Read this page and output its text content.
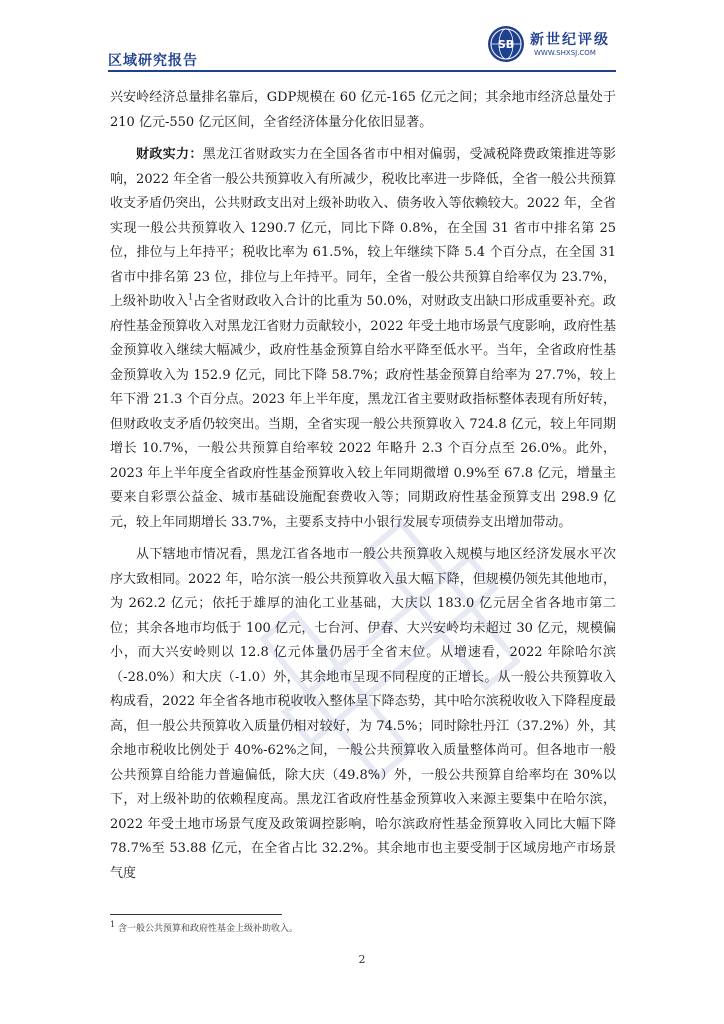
区域研究报告
SB 新世纪评级
WWW.SHXSJ.COM

兴安岭经济总量排名靠后，GDP规模在 60 亿元-165 亿元之间；其余地市经济总量处于 210 亿元-550 亿元区间，全省经济体量分化依旧显著。

财政实力：黑龙江省财政实力在全国各省市中相对偏弱，受减税降费政策推进等影响，2022 年全省一般公共预算收入有所减少，税收比率进一步降低，全省一般公共预算收支矛盾仍突出，公共财政支出对上级补助收入、债务收入等依赖较大。2022 年，全省实现一般公共预算收入 1290.7 亿元，同比下降 0.8%，在全国 31 省市中排名第 25 位，排位与上年持平；税收比率为 61.5%，较上年继续下降 5.4 个百分点，在全国 31 省市中排名第 23 位，排位与上年持平。同年，全省一般公共预算自给率仅为 23.7%，上级补助收入$^1$占全省财政收入合计的比重为 50.0%，对财政支出缺口形成重要补充。政府性基金预算收入对黑龙江省财力贡献较小，2022 年受土地市场景气度影响，政府性基金预算收入继续大幅减少，政府性基金预算自给水平降至低水平。当年，全省政府性基金预算收入为 152.9 亿元，同比下降 58.7%；政府性基金预算自给率为 27.7%，较上年下滑 21.3 个百分点。2023 年上半年度，黑龙江省主要财政指标整体表现有所好转，但财政收支矛盾仍较突出。当期，全省实现一般公共预算收入 724.8 亿元，较上年同期增长 10.7%，一般公共预算自给率较 2022 年略升 2.3 个百分点至 26.0%。此外，2023 年上半年度全省政府性基金预算收入较上年同期微增 0.9%至 67.8 亿元，增量主要来自彩票公益金、城市基础设施配套费收入等；同期政府性基金预算支出 298.9 亿元，较上年同期增长 33.7%，主要系支持中小银行发展专项债券支出增加带动。

从下辖地市情况看，黑龙江省各地市一般公共预算收入规模与地区经济发展水平次序大致相同。2022 年，哈尔滨一般公共预算收入虽大幅下降，但规模仍领先其他地市，为 262.2 亿元；依托于雄厚的油化工业基础，大庆以 183.0 亿元居全省各地市第二位；其余各地市均低于 100 亿元，七台河、伊春、大兴安岭均未超过 30 亿元，规模偏小，而大兴安岭则以 12.8 亿元体量仍居于全省末位。从增速看，2022 年除哈尔滨（-28.0%）和大庆（-1.0）外，其余地市呈现不同程度的正增长。从一般公共预算收入构成看，2022 年全省各地市税收收入整体呈下降态势，其中哈尔滨税收收入下降程度最高，但一般公共预算收入质量仍相对较好，为 74.5%；同时除牡丹江（37.2%）外，其余地市税收比例处于 40%-62%之间，一般公共预算收入质量整体尚可。但各地市一般公共预算自给能力普遍偏低，除大庆（49.8%）外，一般公共预算自给率均在 30%以下，对上级补助的依赖程度高。黑龙江省政府性基金预算收入来源主要集中在哈尔滨，2022 年受土地市场景气度及政策调控影响，哈尔滨政府性基金预算收入同比大幅下降 78.7%至 53.88 亿元，在全省占比 32.2%。其余地市也主要受制于区域房地产市场景气度

$^1$ 含一般公共预算和政府性基金上级补助收入。
2
